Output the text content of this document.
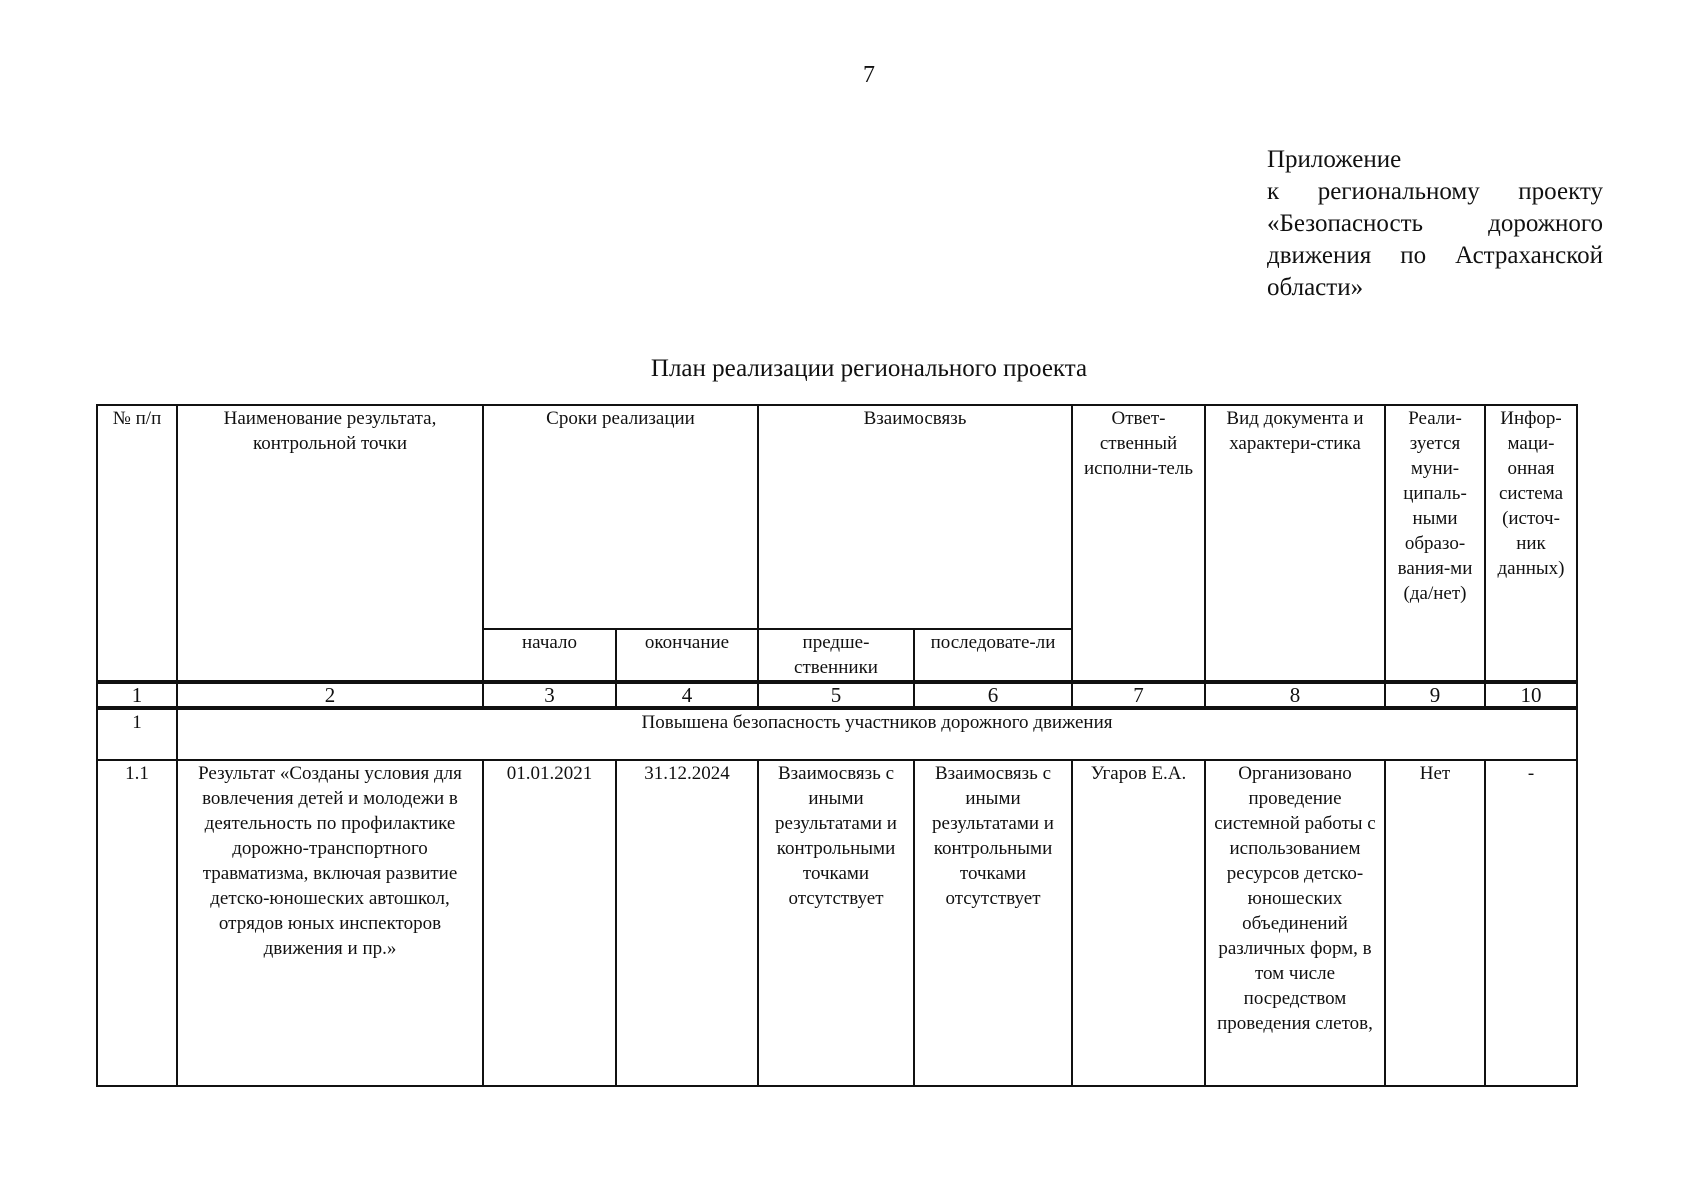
7
Приложение
к региональному проекту
«Безопасность дорожного
движения по Астраханской
области»
План реализации регионального проекта
№ п/п	Наименование результата, контрольной точки	Сроки реализации		Взаимосвязь		Ответ-ственный исполни-тель	Вид документа и характери-стика	Реали-зуется муни-ципаль-ными образо-вания-ми (да/нет)	Инфор-маци-онная система (источ-ник данных)
		начало	окончание	предше-ственники	последовате-ли				
1	2	3	4	5	6	7	8	9	10
1	Повышена безопасность участников дорожного движения								
1.1	Результат «Созданы условия для вовлечения детей и молодежи в деятельность по профилактике дорожно-транспортного травматизма, включая развитие детско-юношеских автошкол, отрядов юных инспекторов движения и пр.»	01.01.2021	31.12.2024	Взаимосвязь с иными результатами и контрольными точками отсутствует	Взаимосвязь с иными результатами и контрольными точками отсутствует	Угаров Е.А.	Организовано проведение системной работы с использованием ресурсов детско-юношеских объединений различных форм, в том числе посредством проведения слетов,	Нет	-
